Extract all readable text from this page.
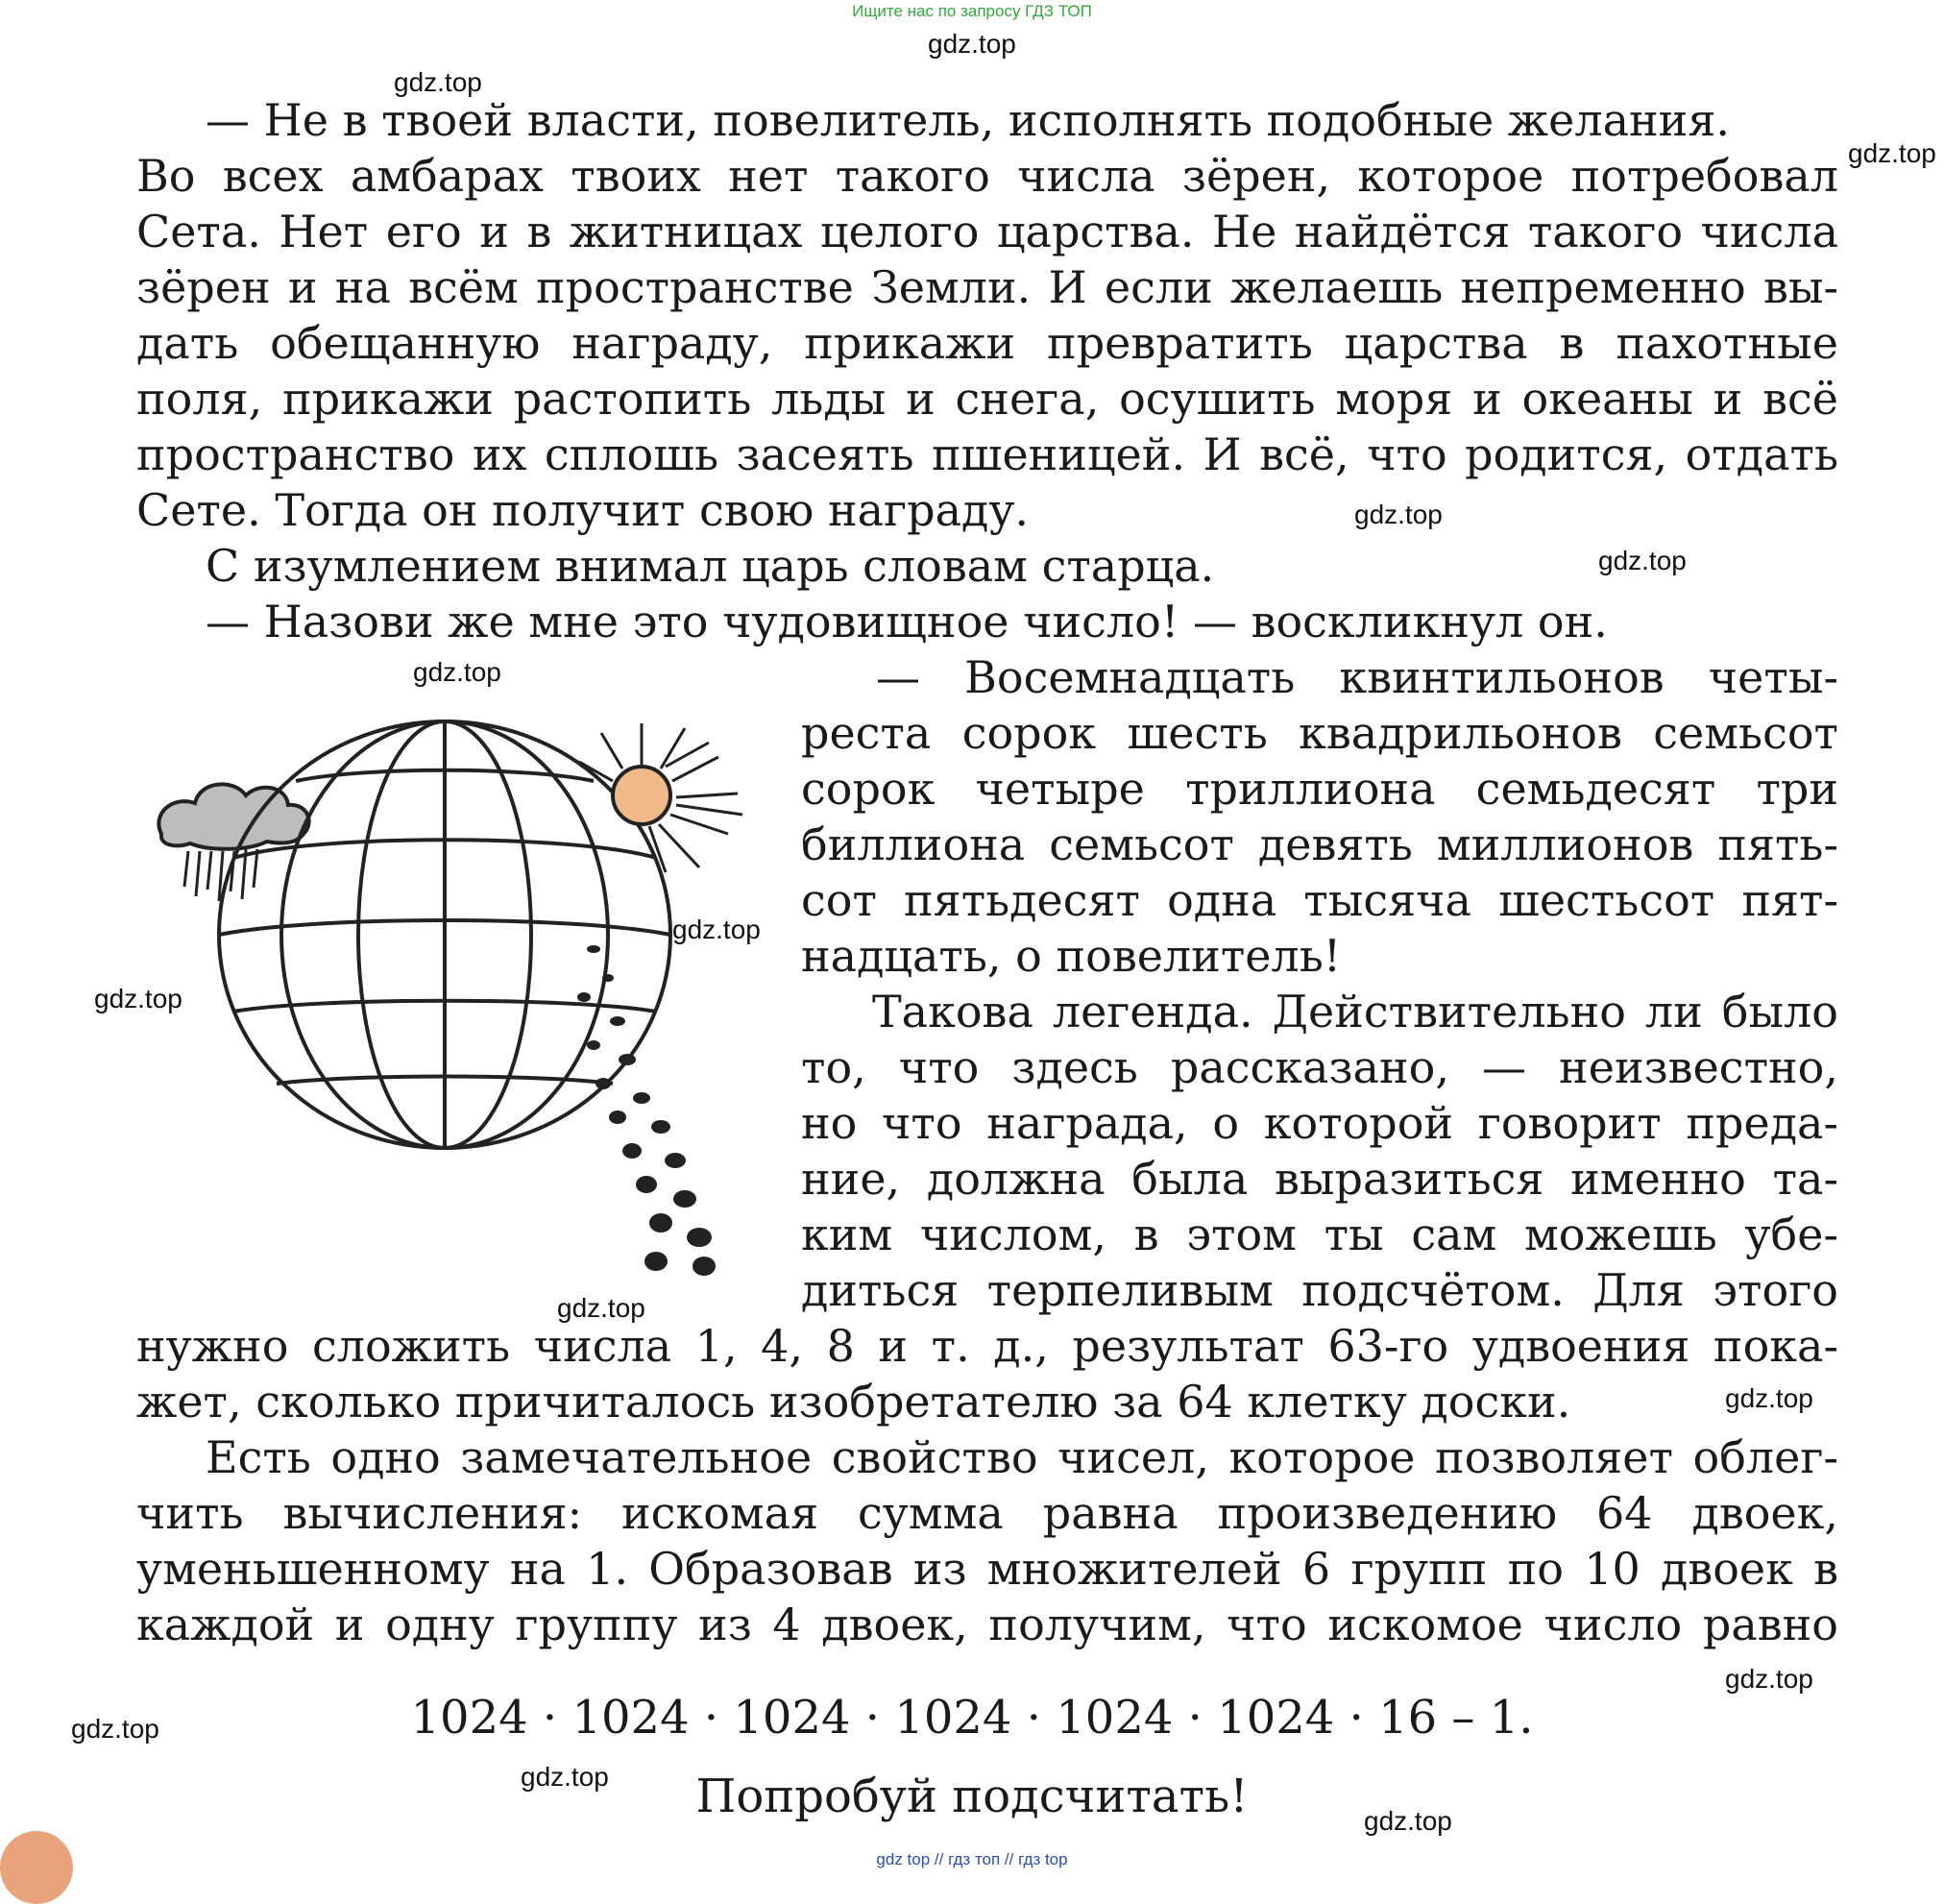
Ищите нас по запросу ГДЗ ТОП
gdz.top
gdz.top
gdz.top
gdz.top
gdz.top
gdz.top
gdz.top
gdz.top
gdz.top
gdz.top
gdz.top
gdz.top
gdz.top
gdz.top
— Не в твоей власти, повелитель, исполнять подобные желания.
Во всех амбарах твоих нет такого числа зёрен, которое потребовал
Сета. Нет его и в житницах целого царства. Не найдётся такого числа
зёрен и на всём пространстве Земли. И если желаешь непременно вы-
дать обещанную награду, прикажи превратить царства в пахотные
поля, прикажи растопить льды и снега, осушить моря и океаны и всё
пространство их сплошь засеять пшеницей. И всё, что родится, отдать
Сете. Тогда он получит свою награду.
С изумлением внимал царь словам старца.
— Назови же мне это чудовищное число! — воскликнул он.
— Восемнадцать квинтильонов четы-
реста сорок шесть квадрильонов семьсот
сорок четыре триллиона семьдесят три
биллиона семьсот девять миллионов пять-
сот пятьдесят одна тысяча шестьсот пят-
надцать, о повелитель!
Такова легенда. Действительно ли было
то, что здесь рассказано, — неизвестно,
но что награда, о которой говорит преда-
ние, должна была выразиться именно та-
ким числом, в этом ты сам можешь убе-
диться терпеливым подсчётом. Для этого
нужно сложить числа 1, 4, 8 и т. д., результат 63-го удвоения пока-
жет, сколько причиталось изобретателю за 64 клетку доски.
Есть одно замечательное свойство чисел, которое позволяет облег-
чить вычисления: искомая сумма равна произведению 64 двоек,
уменьшенному на 1. Образовав из множителей 6 групп по 10 двоек в
каждой и одну группу из 4 двоек, получим, что искомое число равно
1024 · 1024 · 1024 · 1024 · 1024 · 1024 · 16 – 1.
Попробуй подсчитать!
gdz top // гдз топ // гдз top
